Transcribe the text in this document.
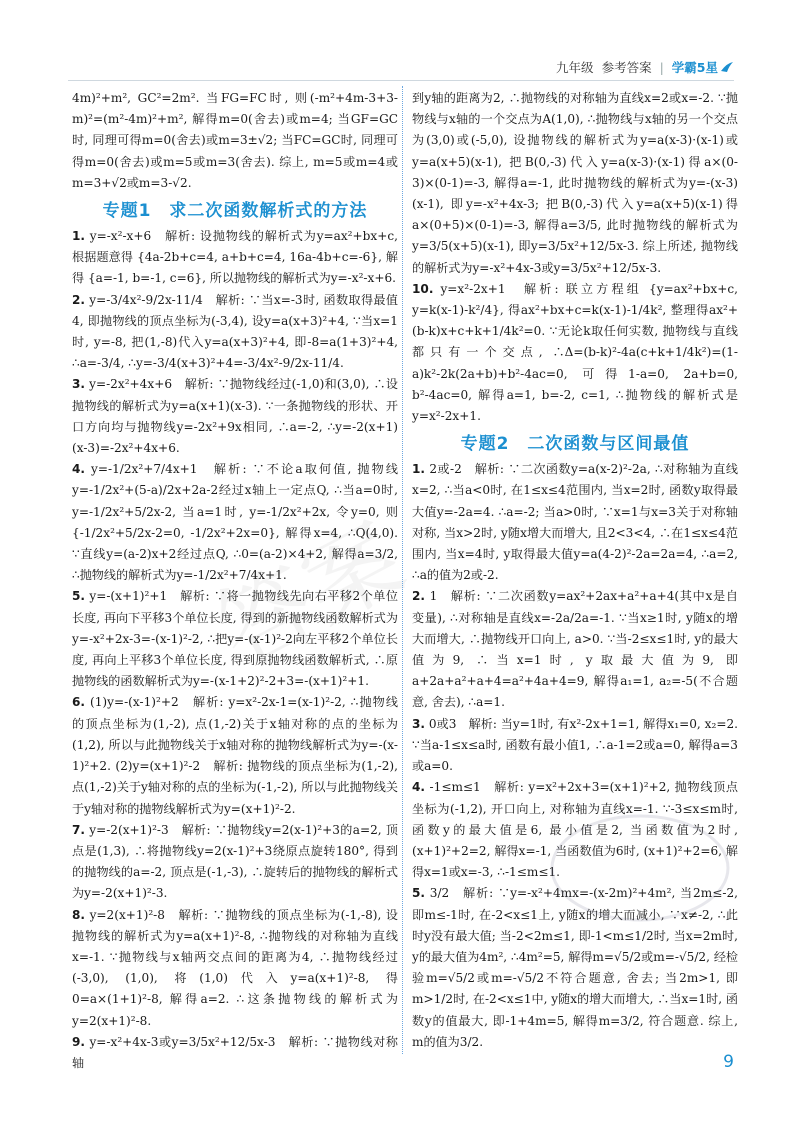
九年级 参考答案 | 学霸5星

4m)²+m², GC²=2m². 当FG=FC时, 则(-m²+4m-3+3-m)²=(m²-4m)²+m², 解得m=0(舍去)或m=4; 当GF=GC时, 同理可得m=0(舍去)或m=3±√2; 当FC=GC时, 同理可得m=0(舍去)或m=5或m=3(舍去). 综上, m=5或m=4或m=3+√2或m=3-√2.

专题1　求二次函数解析式的方法

1. y=-x²-x+6　解析: 设抛物线的解析式为y=ax²+bx+c, 根据题意得 {4a-2b+c=4, a+b+c=4, 16a-4b+c=-6}, 解得 {a=-1, b=-1, c=6}, 所以抛物线的解析式为y=-x²-x+6.

2. y=-3/4x²-9/2x-11/4　解析: ∵当x=-3时, 函数取得最值4, 即抛物线的顶点坐标为(-3,4), 设y=a(x+3)²+4, ∵当x=1时, y=-8, 把(1,-8)代入y=a(x+3)²+4, 即-8=a(1+3)²+4, ∴a=-3/4, ∴y=-3/4(x+3)²+4=-3/4x²-9/2x-11/4.

3. y=-2x²+4x+6　解析: ∵抛物线经过(-1,0)和(3,0), ∴设抛物线的解析式为y=a(x+1)(x-3). ∵一条抛物线的形状、开口方向均与抛物线y=-2x²+9x相同, ∴a=-2, ∴y=-2(x+1)(x-3)=-2x²+4x+6.

4. y=-1/2x²+7/4x+1　解析: ∵不论a取何值, 抛物线y=-1/2x²+(5-a)/2x+2a-2经过x轴上一定点Q, ∴当a=0时, y=-1/2x²+5/2x-2, 当a=1时, y=-1/2x²+2x, 令y=0, 则 {-1/2x²+5/2x-2=0, -1/2x²+2x=0}, 解得x=4, ∴Q(4,0). ∵直线y=(a-2)x+2经过点Q, ∴0=(a-2)×4+2, 解得a=3/2, ∴抛物线的解析式为y=-1/2x²+7/4x+1.

5. y=-(x+1)²+1　解析: ∵将一抛物线先向右平移2个单位长度, 再向下平移3个单位长度, 得到的新抛物线函数解析式为y=-x²+2x-3=-(x-1)²-2, ∴把y=-(x-1)²-2向左平移2个单位长度, 再向上平移3个单位长度, 得到原抛物线函数解析式, ∴原抛物线的函数解析式为y=-(x-1+2)²-2+3=-(x+1)²+1.

6. (1)y=-(x-1)²+2　解析: y=x²-2x-1=(x-1)²-2, ∴抛物线的顶点坐标为(1,-2), 点(1,-2)关于x轴对称的点的坐标为(1,2), 所以与此抛物线关于x轴对称的抛物线解析式为y=-(x-1)²+2. (2)y=(x+1)²-2　解析: 抛物线的顶点坐标为(1,-2), 点(1,-2)关于y轴对称的点的坐标为(-1,-2), 所以与此抛物线关于y轴对称的抛物线解析式为y=(x+1)²-2.

7. y=-2(x+1)²-3　解析: ∵抛物线y=2(x-1)²+3的a=2, 顶点是(1,3), ∴将抛物线y=2(x-1)²+3绕原点旋转180°, 得到的抛物线的a=-2, 顶点是(-1,-3), ∴旋转后的抛物线的解析式为y=-2(x+1)²-3.

8. y=2(x+1)²-8　解析: ∵抛物线的顶点坐标为(-1,-8), 设抛物线的解析式为y=a(x+1)²-8, ∴抛物线的对称轴为直线x=-1. ∵抛物线与x轴两交点间的距离为4, ∴抛物线经过(-3,0), (1,0), 将(1,0)代入y=a(x+1)²-8, 得0=a×(1+1)²-8, 解得a=2. ∴这条抛物线的解析式为y=2(x+1)²-8.

9. y=-x²+4x-3或y=3/5x²+12/5x-3　解析: ∵抛物线对称轴

到y轴的距离为2, ∴抛物线的对称轴为直线x=2或x=-2. ∵抛物线与x轴的一个交点为A(1,0), ∴抛物线与x轴的另一个交点为(3,0)或(-5,0), 设抛物线的解析式为y=a(x-3)·(x-1)或y=a(x+5)(x-1), 把B(0,-3)代入y=a(x-3)·(x-1)得a×(0-3)×(0-1)=-3, 解得a=-1, 此时抛物线的解析式为y=-(x-3)(x-1), 即y=-x²+4x-3; 把B(0,-3)代入y=a(x+5)(x-1)得a×(0+5)×(0-1)=-3, 解得a=3/5, 此时抛物线的解析式为y=3/5(x+5)(x-1), 即y=3/5x²+12/5x-3. 综上所述, 抛物线的解析式为y=-x²+4x-3或y=3/5x²+12/5x-3.

10. y=x²-2x+1　解析: 联立方程组 {y=ax²+bx+c, y=k(x-1)-k²/4}, 得ax²+bx+c=k(x-1)-1/4k², 整理得ax²+(b-k)x+c+k+1/4k²=0. ∵无论k取任何实数, 抛物线与直线都只有一个交点, ∴Δ=(b-k)²-4a(c+k+1/4k²)=(1-a)k²-2k(2a+b)+b²-4ac=0, 可得1-a=0, 2a+b=0, b²-4ac=0, 解得a=1, b=-2, c=1, ∴抛物线的解析式是y=x²-2x+1.

专题2　二次函数与区间最值

1. 2或-2　解析: ∵二次函数y=a(x-2)²-2a, ∴对称轴为直线x=2, ∴当a<0时, 在1≤x≤4范围内, 当x=2时, 函数y取得最大值y=-2a=4. ∴a=-2; 当a>0时, ∵x=1与x=3关于对称轴对称, 当x>2时, y随x增大而增大, 且2<3<4, ∴在1≤x≤4范围内, 当x=4时, y取得最大值y=a(4-2)²-2a=2a=4, ∴a=2, ∴a的值为2或-2.

2. 1　解析: ∵二次函数y=ax²+2ax+a²+a+4(其中x是自变量), ∴对称轴是直线x=-2a/2a=-1. ∵当x≥1时, y随x的增大而增大, ∴抛物线开口向上, a>0. ∵当-2≤x≤1时, y的最大值为9, ∴当x=1时, y取最大值为9, 即a+2a+a²+a+4=a²+4a+4=9, 解得a₁=1, a₂=-5(不合题意, 舍去), ∴a=1.

3. 0或3　解析: 当y=1时, 有x²-2x+1=1, 解得x₁=0, x₂=2. ∵当a-1≤x≤a时, 函数有最小值1, ∴a-1=2或a=0, 解得a=3或a=0.

4. -1≤m≤1　解析: y=x²+2x+3=(x+1)²+2, 抛物线顶点坐标为(-1,2), 开口向上, 对称轴为直线x=-1. ∵-3≤x≤m时, 函数y的最大值是6, 最小值是2, 当函数值为2时, (x+1)²+2=2, 解得x=-1, 当函数值为6时, (x+1)²+2=6, 解得x=1或x=-3, ∴-1≤m≤1.

5. 3/2　解析: ∵y=-x²+4mx=-(x-2m)²+4m², 当2m≤-2, 即m≤-1时, 在-2<x≤1上, y随x的增大而减小, ∵x≠-2, ∴此时y没有最大值; 当-2<2m≤1, 即-1<m≤1/2时, 当x=2m时, y的最大值为4m², ∴4m²=5, 解得m=√5/2或m=-√5/2, 经检验m=√5/2或m=-√5/2不符合题意, 舍去; 当2m>1, 即m>1/2时, 在-2<x≤1中, y随x的增大而增大, ∴当x=1时, 函数y的值最大, 即-1+4m=5, 解得m=3/2, 符合题意. 综上, m的值为3/2.

9
